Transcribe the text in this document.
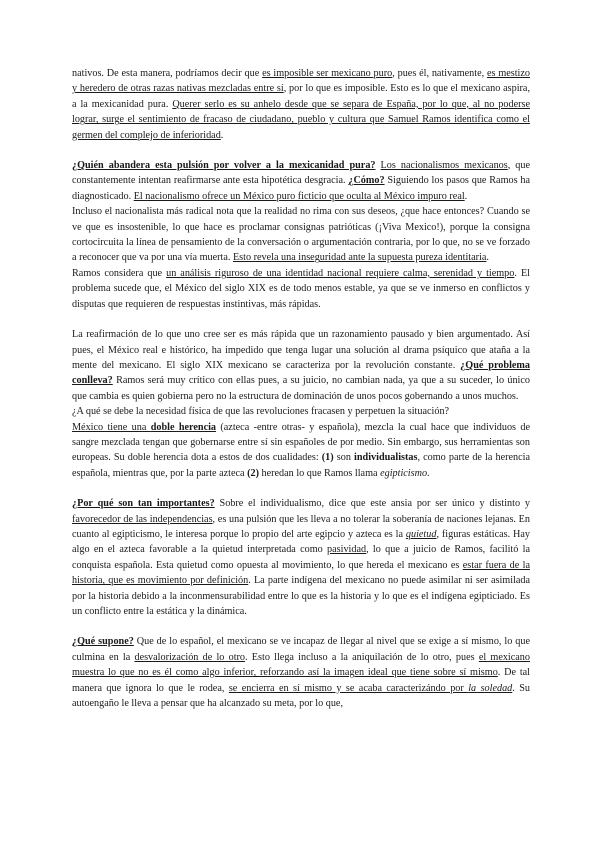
nativos. De esta manera, podríamos decir que es imposible ser mexicano puro, pues él, nativamente, es mestizo y heredero de otras razas nativas mezcladas entre sí, por lo que es imposible. Esto es lo que el mexicano aspira, a la mexicanidad pura. Querer serlo es su anhelo desde que se separa de España, por lo que, al no poderse lograr, surge el sentimiento de fracaso de ciudadano, pueblo y cultura que Samuel Ramos identifica como el germen del complejo de inferioridad.

¿Quién abandera esta pulsión por volver a la mexicanidad pura? Los nacionalismos mexicanos, que constantemente intentan reafirmarse ante esta hipotética desgracia. ¿Cómo? Siguiendo los pasos que Ramos ha diagnosticado. El nacionalismo ofrece un México puro ficticio que oculta al México impuro real.

Incluso el nacionalista más radical nota que la realidad no rima con sus deseos, ¿que hace entonces? Cuando se ve que es insostenible, lo que hace es proclamar consignas patrióticas (¡Viva Mexico!), porque la consigna cortocircuita la línea de pensamiento de la conversación o argumentación contraria, por lo que, no se ve forzado a reconocer que va por una vía muerta. Esto revela una inseguridad ante la supuesta pureza identitaria.

Ramos considera que un análisis riguroso de una identidad nacional requiere calma, serenidad y tiempo. El problema sucede que, el México del siglo XIX es de todo menos estable, ya que se ve inmerso en conflictos y disputas que requieren de respuestas instintivas, más rápidas.

La reafirmación de lo que uno cree ser es más rápida que un razonamiento pausado y bien argumentado. Así pues, el México real e histórico, ha impedido que tenga lugar una solución al drama psíquico que ataña a la mente del mexicano. El siglo XIX mexicano se caracteriza por la revolución constante. ¿Qué problema conlleva? Ramos será muy crítico con ellas pues, a su juicio, no cambian nada, ya que a su suceder, lo único que cambia es quien gobierna pero no la estructura de dominación de unos pocos gobernando a unos muchos.

¿A qué se debe la necesidad física de que las revoluciones fracasen y perpetuen la situación?

México tiene una doble herencia (azteca -entre otras- y española), mezcla la cual hace que individuos de sangre mezclada tengan que gobernarse entre sí sin españoles de por medio. Sin embargo, sus herramientas son europeas. Su doble herencia dota a estos de dos cualidades: (1) son individualistas, como parte de la herencia española, mientras que, por la parte azteca (2) heredan lo que Ramos llama egipticismo.

¿Por qué son tan importantes? Sobre el individualismo, dice que este ansia por ser único y distinto y favorecedor de las independencias, es una pulsión que les lleva a no tolerar la soberanía de naciones lejanas. En cuanto al egipticismo, le interesa porque lo propio del arte egipcio y azteca es la quietud, figuras estáticas. Hay algo en el azteca favorable a la quietud interpretada como pasividad, lo que a juicio de Ramos, facilitó la conquista española. Esta quietud como opuesta al movimiento, lo que hereda el mexicano es estar fuera de la historia, que es movimiento por definición. La parte indígena del mexicano no puede asimilar ni ser asimilada por la historia debido a la inconmensurabilidad entre lo que es la historia y lo que es el indígena egipticiado. Es un conflicto entre la estática y la dinámica.

¿Qué supone? Que de lo español, el mexicano se ve incapaz de llegar al nivel que se exige a sí mismo, lo que culmina en la desvalorización de lo otro. Esto llega incluso a la aniquilación de lo otro, pues el mexicano muestra lo que no es él como algo inferior, reforzando así la imagen ideal que tiene sobre sí mismo. De tal manera que ignora lo que le rodea, se encierra en sí mismo y se acaba caracterizándo por la soledad. Su autoengaño le lleva a pensar que ha alcanzado su meta, por lo que,
